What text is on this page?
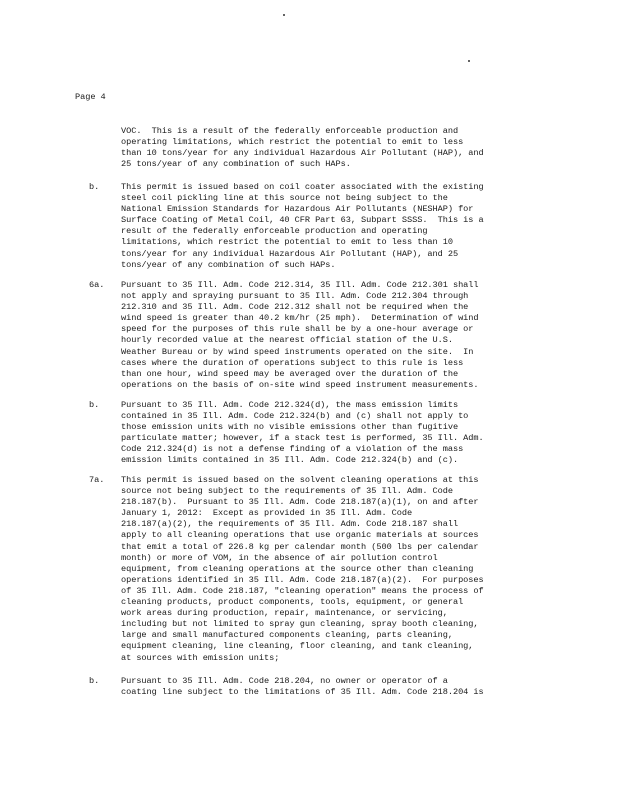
Page 4
VOC.  This is a result of the federally enforceable production and
operating limitations, which restrict the potential to emit to less
than 10 tons/year for any individual Hazardous Air Pollutant (HAP), and
25 tons/year of any combination of such HAPs.
b.	This permit is issued based on coil coater associated with the existing
steel coil pickling line at this source not being subject to the
National Emission Standards for Hazardous Air Pollutants (NESHAP) for
Surface Coating of Metal Coil, 40 CFR Part 63, Subpart SSSS.  This is a
result of the federally enforceable production and operating
limitations, which restrict the potential to emit to less than 10
tons/year for any individual Hazardous Air Pollutant (HAP), and 25
tons/year of any combination of such HAPs.
6a.	Pursuant to 35 Ill. Adm. Code 212.314, 35 Ill. Adm. Code 212.301 shall
not apply and spraying pursuant to 35 Ill. Adm. Code 212.304 through
212.310 and 35 Ill. Adm. Code 212.312 shall not be required when the
wind speed is greater than 40.2 km/hr (25 mph).  Determination of wind
speed for the purposes of this rule shall be by a one-hour average or
hourly recorded value at the nearest official station of the U.S.
Weather Bureau or by wind speed instruments operated on the site.  In
cases where the duration of operations subject to this rule is less
than one hour, wind speed may be averaged over the duration of the
operations on the basis of on-site wind speed instrument measurements.
b.	Pursuant to 35 Ill. Adm. Code 212.324(d), the mass emission limits
contained in 35 Ill. Adm. Code 212.324(b) and (c) shall not apply to
those emission units with no visible emissions other than fugitive
particulate matter; however, if a stack test is performed, 35 Ill. Adm.
Code 212.324(d) is not a defense finding of a violation of the mass
emission limits contained in 35 Ill. Adm. Code 212.324(b) and (c).
7a.	This permit is issued based on the solvent cleaning operations at this
source not being subject to the requirements of 35 Ill. Adm. Code
218.187(b).  Pursuant to 35 Ill. Adm. Code 218.187(a)(1), on and after
January 1, 2012:  Except as provided in 35 Ill. Adm. Code
218.187(a)(2), the requirements of 35 Ill. Adm. Code 218.187 shall
apply to all cleaning operations that use organic materials at sources
that emit a total of 226.8 kg per calendar month (500 lbs per calendar
month) or more of VOM, in the absence of air pollution control
equipment, from cleaning operations at the source other than cleaning
operations identified in 35 Ill. Adm. Code 218.187(a)(2).  For purposes
of 35 Ill. Adm. Code 218.187, "cleaning operation" means the process of
cleaning products, product components, tools, equipment, or general
work areas during production, repair, maintenance, or servicing,
including but not limited to spray gun cleaning, spray booth cleaning,
large and small manufactured components cleaning, parts cleaning,
equipment cleaning, line cleaning, floor cleaning, and tank cleaning,
at sources with emission units;
b.	Pursuant to 35 Ill. Adm. Code 218.204, no owner or operator of a
coating line subject to the limitations of 35 Ill. Adm. Code 218.204 is
